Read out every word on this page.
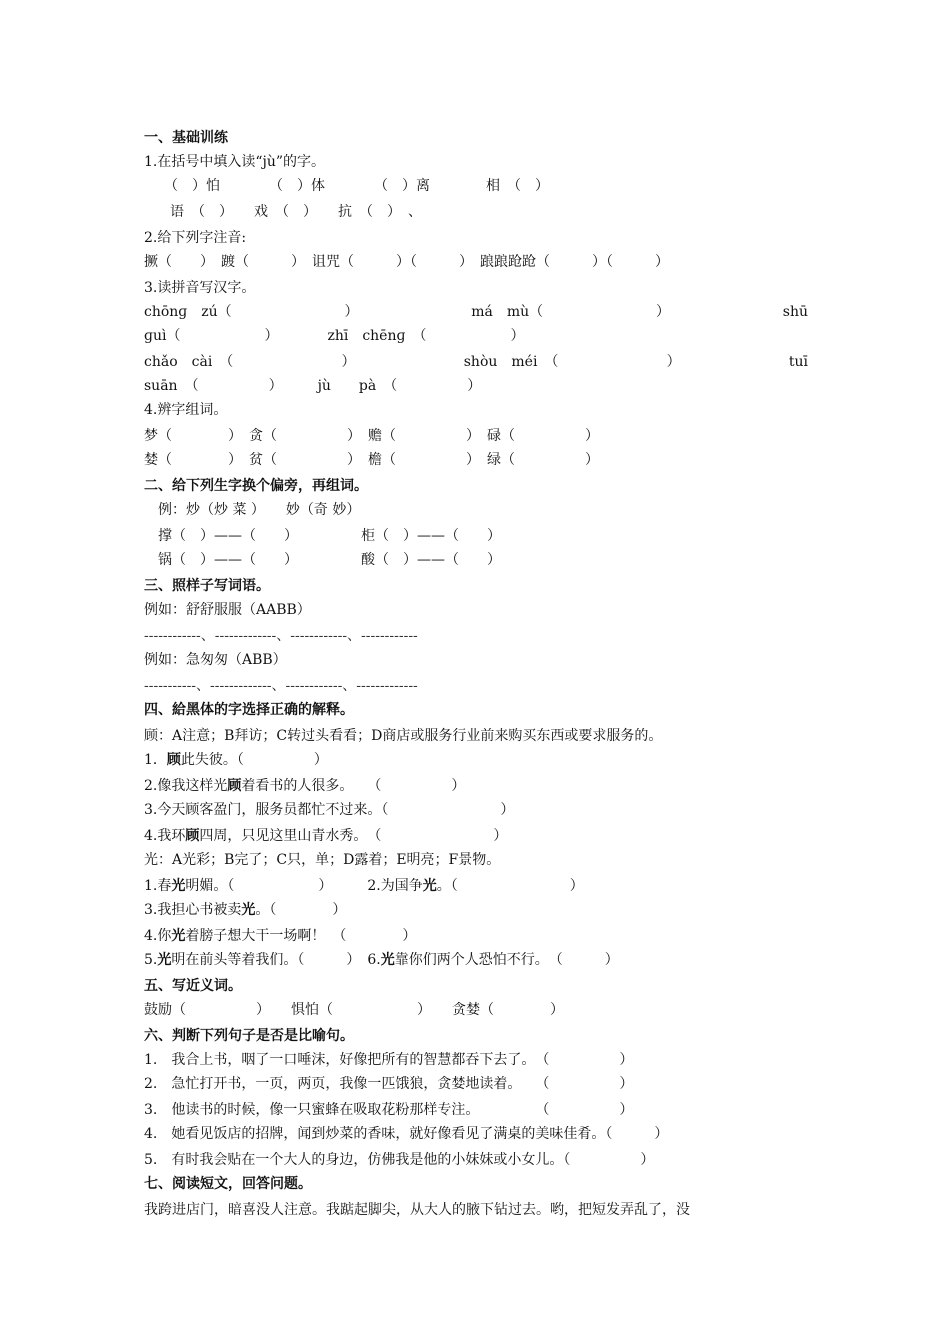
一、基础训练
1.在括号中填入读“jù”的字。
（　）怕　　　　（　）体　　　　（　）离　　　　相　（　）
语　（　）　　戏　（　）　　抗　（　）　、
2.给下列字注音:
撅（　　）　踱（　　　）　诅咒（　　　）（　　　）　踉踉跄跄（　　　）（　　　）
3.读拼音写汉字。
chōnɡ　zú（	）	má　mù（	）	shū
ɡuì（　　　　　　）　　　　zhī　chēnɡ　（　　　　　　）
chǎo　cài　（	）	shòu　méi　（	）	tuī
suān　（　　　　　）　　　jù　　pà　（　　　　　）
4.辨字组词。
梦（　　　　）　贪（　　　　　）　赡（　　　　　）　碌（　　　　　）
婪（　　　　）　贫（　　　　　）　檐（　　　　　）　绿（　　　　　）
二、给下列生字换个偏旁，再组词。
　例：炒（炒 菜 ）　　妙（奇 妙）
　撑（　）——（　　）　　　　　柜（　）——（　　）
　锅（　）——（　　）　　　　　酸（　）——（　　）
三、照样子写词语。
例如：舒舒服服（AABB）
------------、-------------、------------、------------
例如：急匆匆（ABB）
-----------、-------------、------------、-------------
四、給黑体的字选择正确的解释。
顾：A注意；B拜访；C转过头看看；D商店或服务行业前来购买东西或要求服务的。
1．顾此失彼。（　　　　　）
2.像我这样光顾着看书的人很多。　　（　　　　　）
3.今天顾客盈门，服务员都忙不过来。（　　　　　　　　）
4.我环顾四周，只见这里山青水秀。　（　　　　　　　　）
光：A光彩；B完了；C只，单；D露着；E明亮；F景物。
1.春光明媚。（　　　　　　）　　　2.为国争光。（　　　　　　　　）
3.我担心书被卖光。（　　　　）
4.你光着膀子想大干一场啊！　（　　　　）
5.光明在前头等着我们。（　　　）　6.光靠你们两个人恐怕不行。　（　　　）
五、写近义词。
鼓励（　　　　　）　　惧怕（　　　　　　）　　贪婪（　　　　）
六、判断下列句子是否是比喻句。
1.　我合上书，咽了一口唾沫，好像把所有的智慧都吞下去了。　（　　　　　）
2.　急忙打开书，一页，两页，我像一匹饿狼，贪婪地读着。　　（　　　　　）
3.　他读书的时候，像一只蜜蜂在吸取花粉那样专注。　　　　　（　　　　　）
4.　她看见饭店的招牌，闻到炒菜的香味，就好像看见了满桌的美味佳肴。（　　　）
5.　有时我会贴在一个大人的身边，仿佛我是他的小妹妹或小女儿。（　　　　　）
七、阅读短文，回答问题。
我跨进店门，暗喜没人注意。我踮起脚尖，从大人的腋下钻过去。哟，把短发弄乱了，没
